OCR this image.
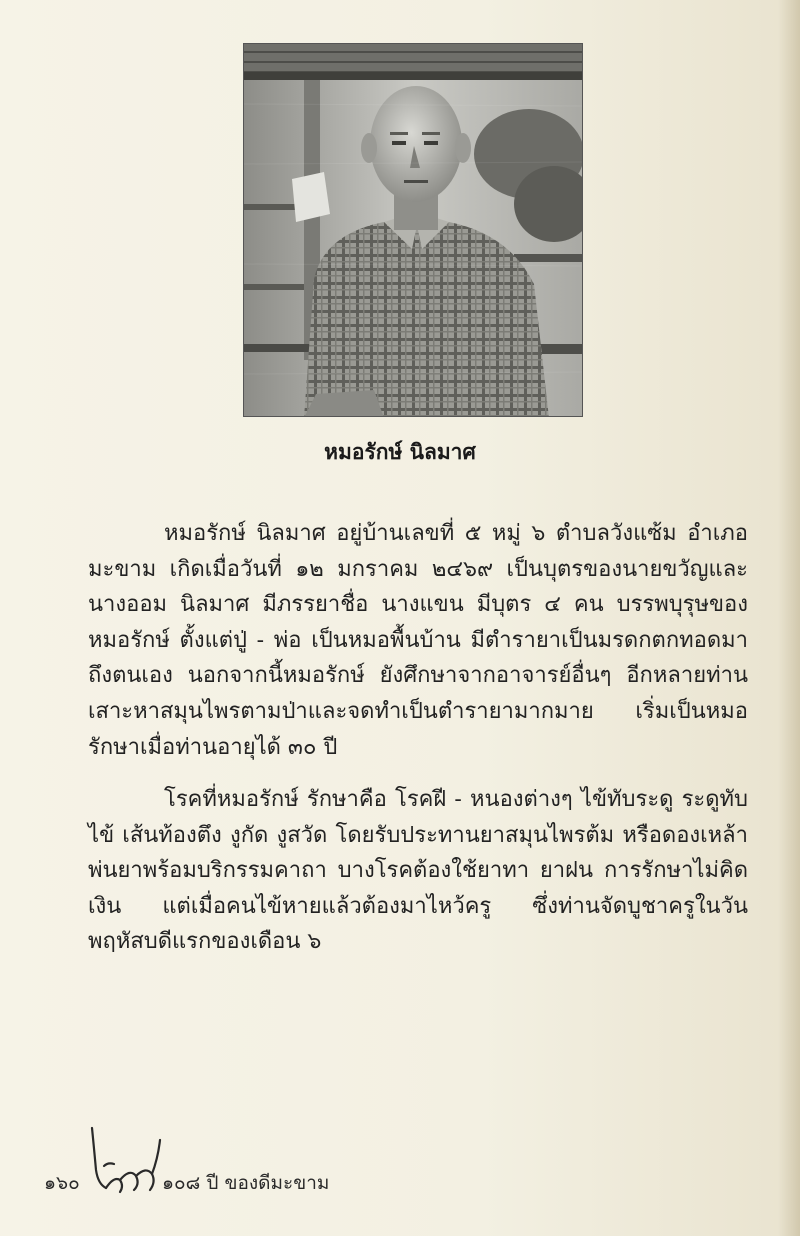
หมอรักษ์ นิลมาศ

หมอรักษ์ นิลมาศ อยู่บ้านเลขที่ ๕ หมู่ ๖ ตำบลวังแซ้ม อำเภอมะขาม เกิดเมื่อวันที่ ๑๒ มกราคม ๒๔๖๙ เป็นบุตรของนายขวัญและนางออม นิลมาศ มีภรรยาชื่อ นางแขน มีบุตร ๔ คน บรรพบุรุษของหมอรักษ์ ตั้งแต่ปู่ - พ่อ เป็นหมอพื้นบ้าน มีตำรายาเป็นมรดกตกทอดมาถึงตนเอง นอกจากนี้หมอรักษ์ ยังศึกษาจากอาจารย์อื่นๆ อีกหลายท่าน เสาะหาสมุนไพรตามป่าและจดทำเป็นตำรายามากมาย เริ่มเป็นหมอรักษาเมื่อท่านอายุได้ ๓๐ ปี

โรคที่หมอรักษ์ รักษาคือ โรคฝี - หนองต่างๆ ไข้ทับระดู ระดูทับไข้ เส้นท้องตึง งูกัด งูสวัด โดยรับประทานยาสมุนไพรต้ม หรือดองเหล้า พ่นยาพร้อมบริกรรมคาถา บางโรคต้องใช้ยาทา ยาฝน การรักษาไม่คิดเงิน แต่เมื่อคนไข้หายแล้วต้องมาไหว้ครู ซึ่งท่านจัดบูชาครูในวันพฤหัสบดีแรกของเดือน ๖

๑๖๐	๑๐๘ ปี ของดีมะขาม
